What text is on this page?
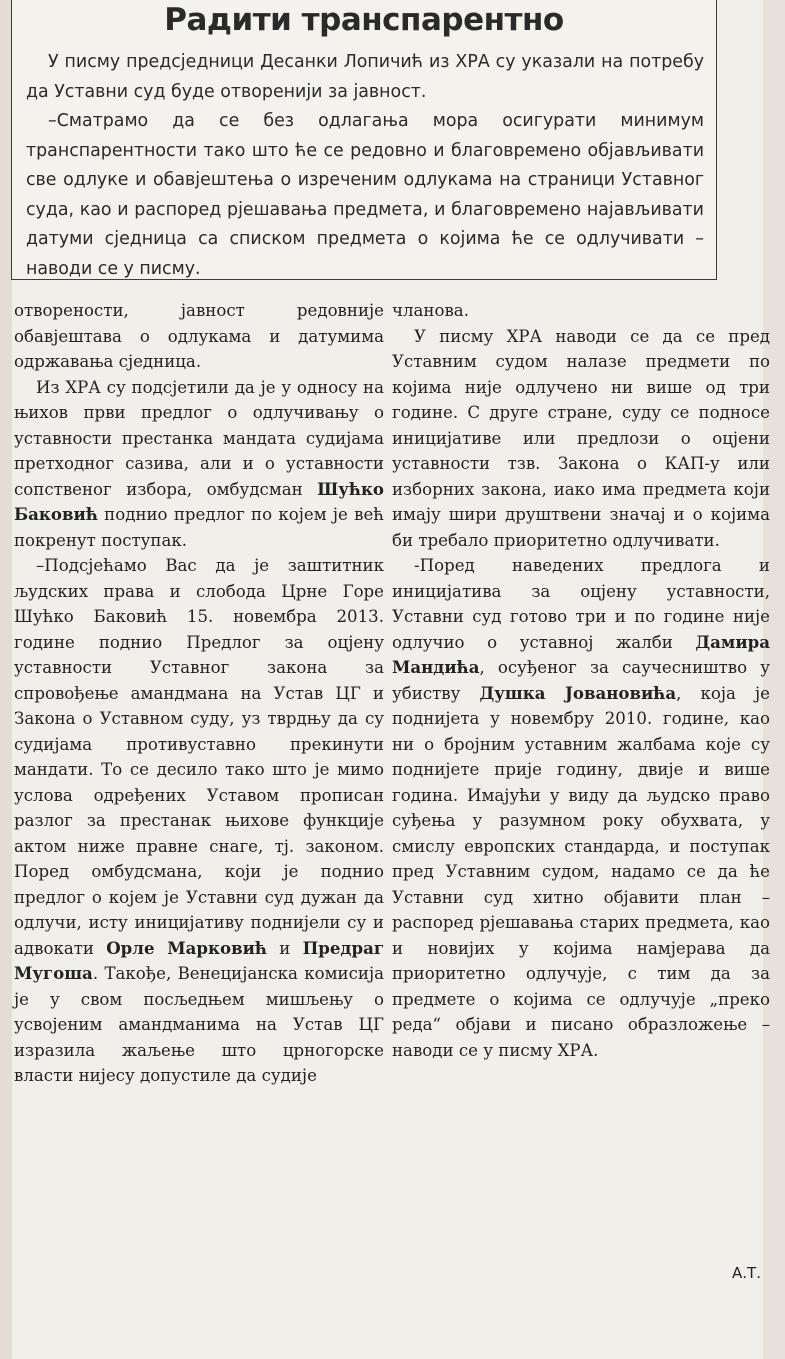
Радити транспарентно

У писму предсједници Десанки Лопичић из ХРА су указали на потребу да Уставни суд буде отворенији за јавност.

–Сматрамо да се без одлагања мора осигурати минимум транспарентности тако што ће се редовно и благовремено објављивати све одлуке и обавјештења о изреченим одлукама на страници Уставног суда, као и распоред рјешавања предмета, и благовремено најављивати датуми сједница са списком предмета о којима ће се одлучивати – наводи се у писму.

отворености, јавност редовније обавјештава о одлукама и датумима одржавања сједница.

Из ХРА су подсјетили да је у односу на њихов први предлог о одлучивању о уставности престанка мандата судијама претходног сазива, али и о уставности сопственог избора, омбудсман Шућко Баковић поднио предлог по којем је већ покренут поступак.

–Подсјећамо Вас да је заштитник људских права и слобода Црне Горе Шућко Баковић 15. новембра 2013. године поднио Предлог за оцјену уставности Уставног закона за спровођење амандмана на Устав ЦГ и Закона о Уставном суду, уз тврдњу да су судијама противуставно прекинути мандати. То се десило тако што је мимо услова одређених Уставом прописан разлог за престанак њихове функције актом ниже правне снаге, тј. законом. Поред омбудсмана, који је поднио предлог о којем је Уставни суд дужан да одлучи, исту иницијативу поднијели су и адвокати Орле Марковић и Предраг Мугоша. Такође, Венецијанска комисија је у свом посљедњем мишљењу о усвојеним амандманима на Устав ЦГ изразила жаљење што црногорске власти нијесу допустиле да судије

чланова.

У писму ХРА наводи се да се пред Уставним судом налазе предмети по којима није одлучено ни више од три године. С друге стране, суду се подносе иницијативе или предлози о оцјени уставности тзв. Закона о КАП-у или изборних закона, иако има предмета који имају шири друштвени значај и о којима би требало приоритетно одлучивати.

-Поред наведених предлога и иницијатива за оцјену уставности, Уставни суд готово три и по године није одлучио о уставној жалби Дамира Мандића, осуђеног за саучесништво у убиству Душка Јовановића, која је поднијета у новембру 2010. године, као ни о бројним уставним жалбама које су поднијете прије годину, двије и више година. Имајући у виду да људско право суђења у разумном року обухвата, у смислу европских стандарда, и поступак пред Уставним судом, надамо се да ће Уставни суд хитно објавити план – распоред рјешавања старих предмета, као и новијих у којима намјерава да приоритетно одлучује, с тим да за предмете о којима се одлучује „преко реда“ објави и писано образложење –наводи се у писму ХРА.

А.Т.
